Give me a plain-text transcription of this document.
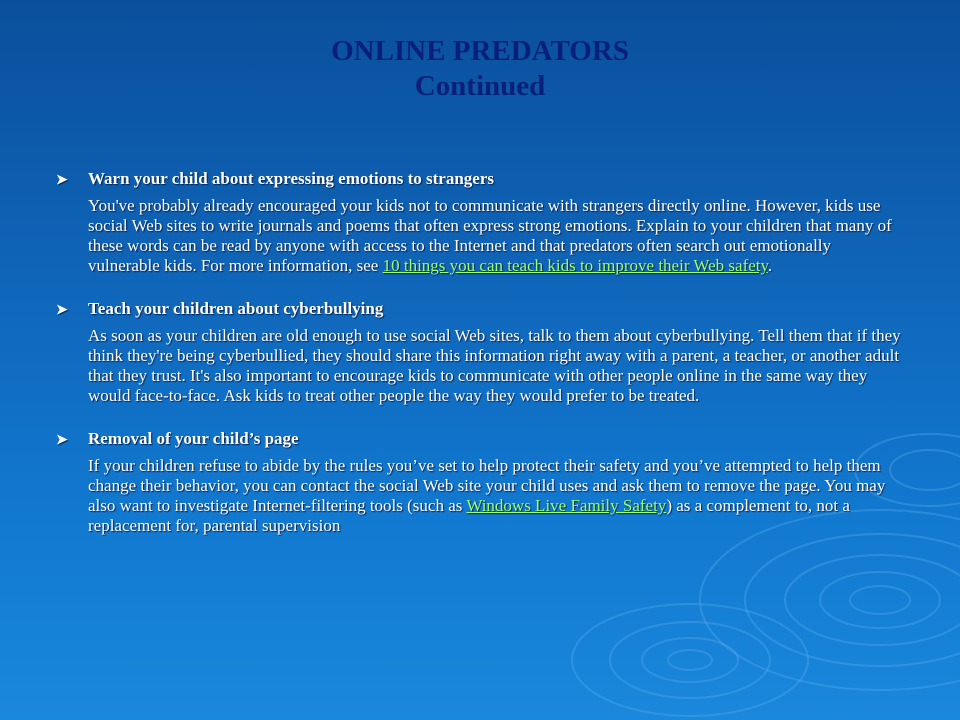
ONLINE PREDATORS
Continued
➤	Warn your child about expressing emotions to strangers
You've probably already encouraged your kids not to communicate with strangers directly online. However, kids use social Web sites to write journals and poems that often express strong emotions. Explain to your children that many of these words can be read by anyone with access to the Internet and that predators often search out emotionally vulnerable kids. For more information, see 10 things you can teach kids to improve their Web safety.
➤	Teach your children about cyberbullying
As soon as your children are old enough to use social Web sites, talk to them about cyberbullying. Tell them that if they think they're being cyberbullied, they should share this information right away with a parent, a teacher, or another adult that they trust. It's also important to encourage kids to communicate with other people online in the same way they would face-to-face. Ask kids to treat other people the way they would prefer to be treated.
➤	Removal of your child’s page
If your children refuse to abide by the rules you’ve set to help protect their safety and you’ve attempted to help them change their behavior, you can contact the social Web site your child uses and ask them to remove the page. You may also want to investigate Internet-filtering tools (such as Windows Live Family Safety) as a complement to, not a replacement for, parental supervision
